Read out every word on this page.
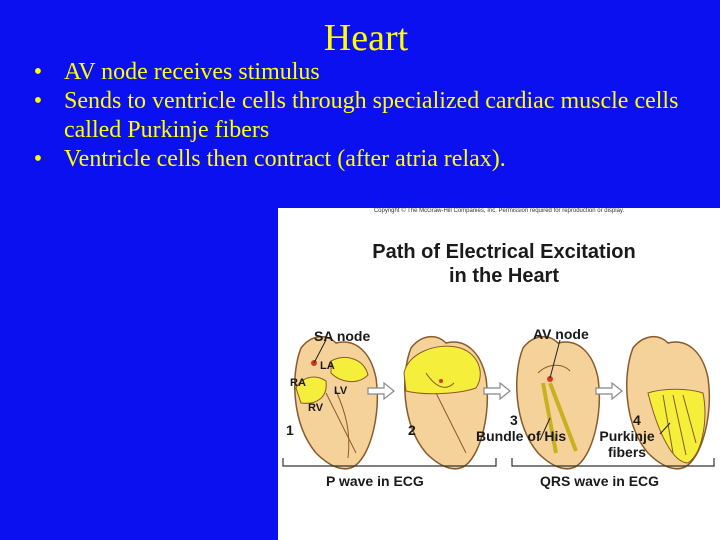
Heart
• AV node receives stimulus
• Sends to ventricle cells through specialized cardiac muscle cells called Purkinje fibers
• Ventricle cells then contract (after atria relax).
Copyright © The McGraw-Hill Companies, Inc. Permission required for reproduction or display.
Path of Electrical Excitation
in the Heart
SA node	AV node
LA
RA
LV
RV
1	2
3	4
Bundle of His	Purkinje
fibers
P wave in ECG	QRS wave in ECG
